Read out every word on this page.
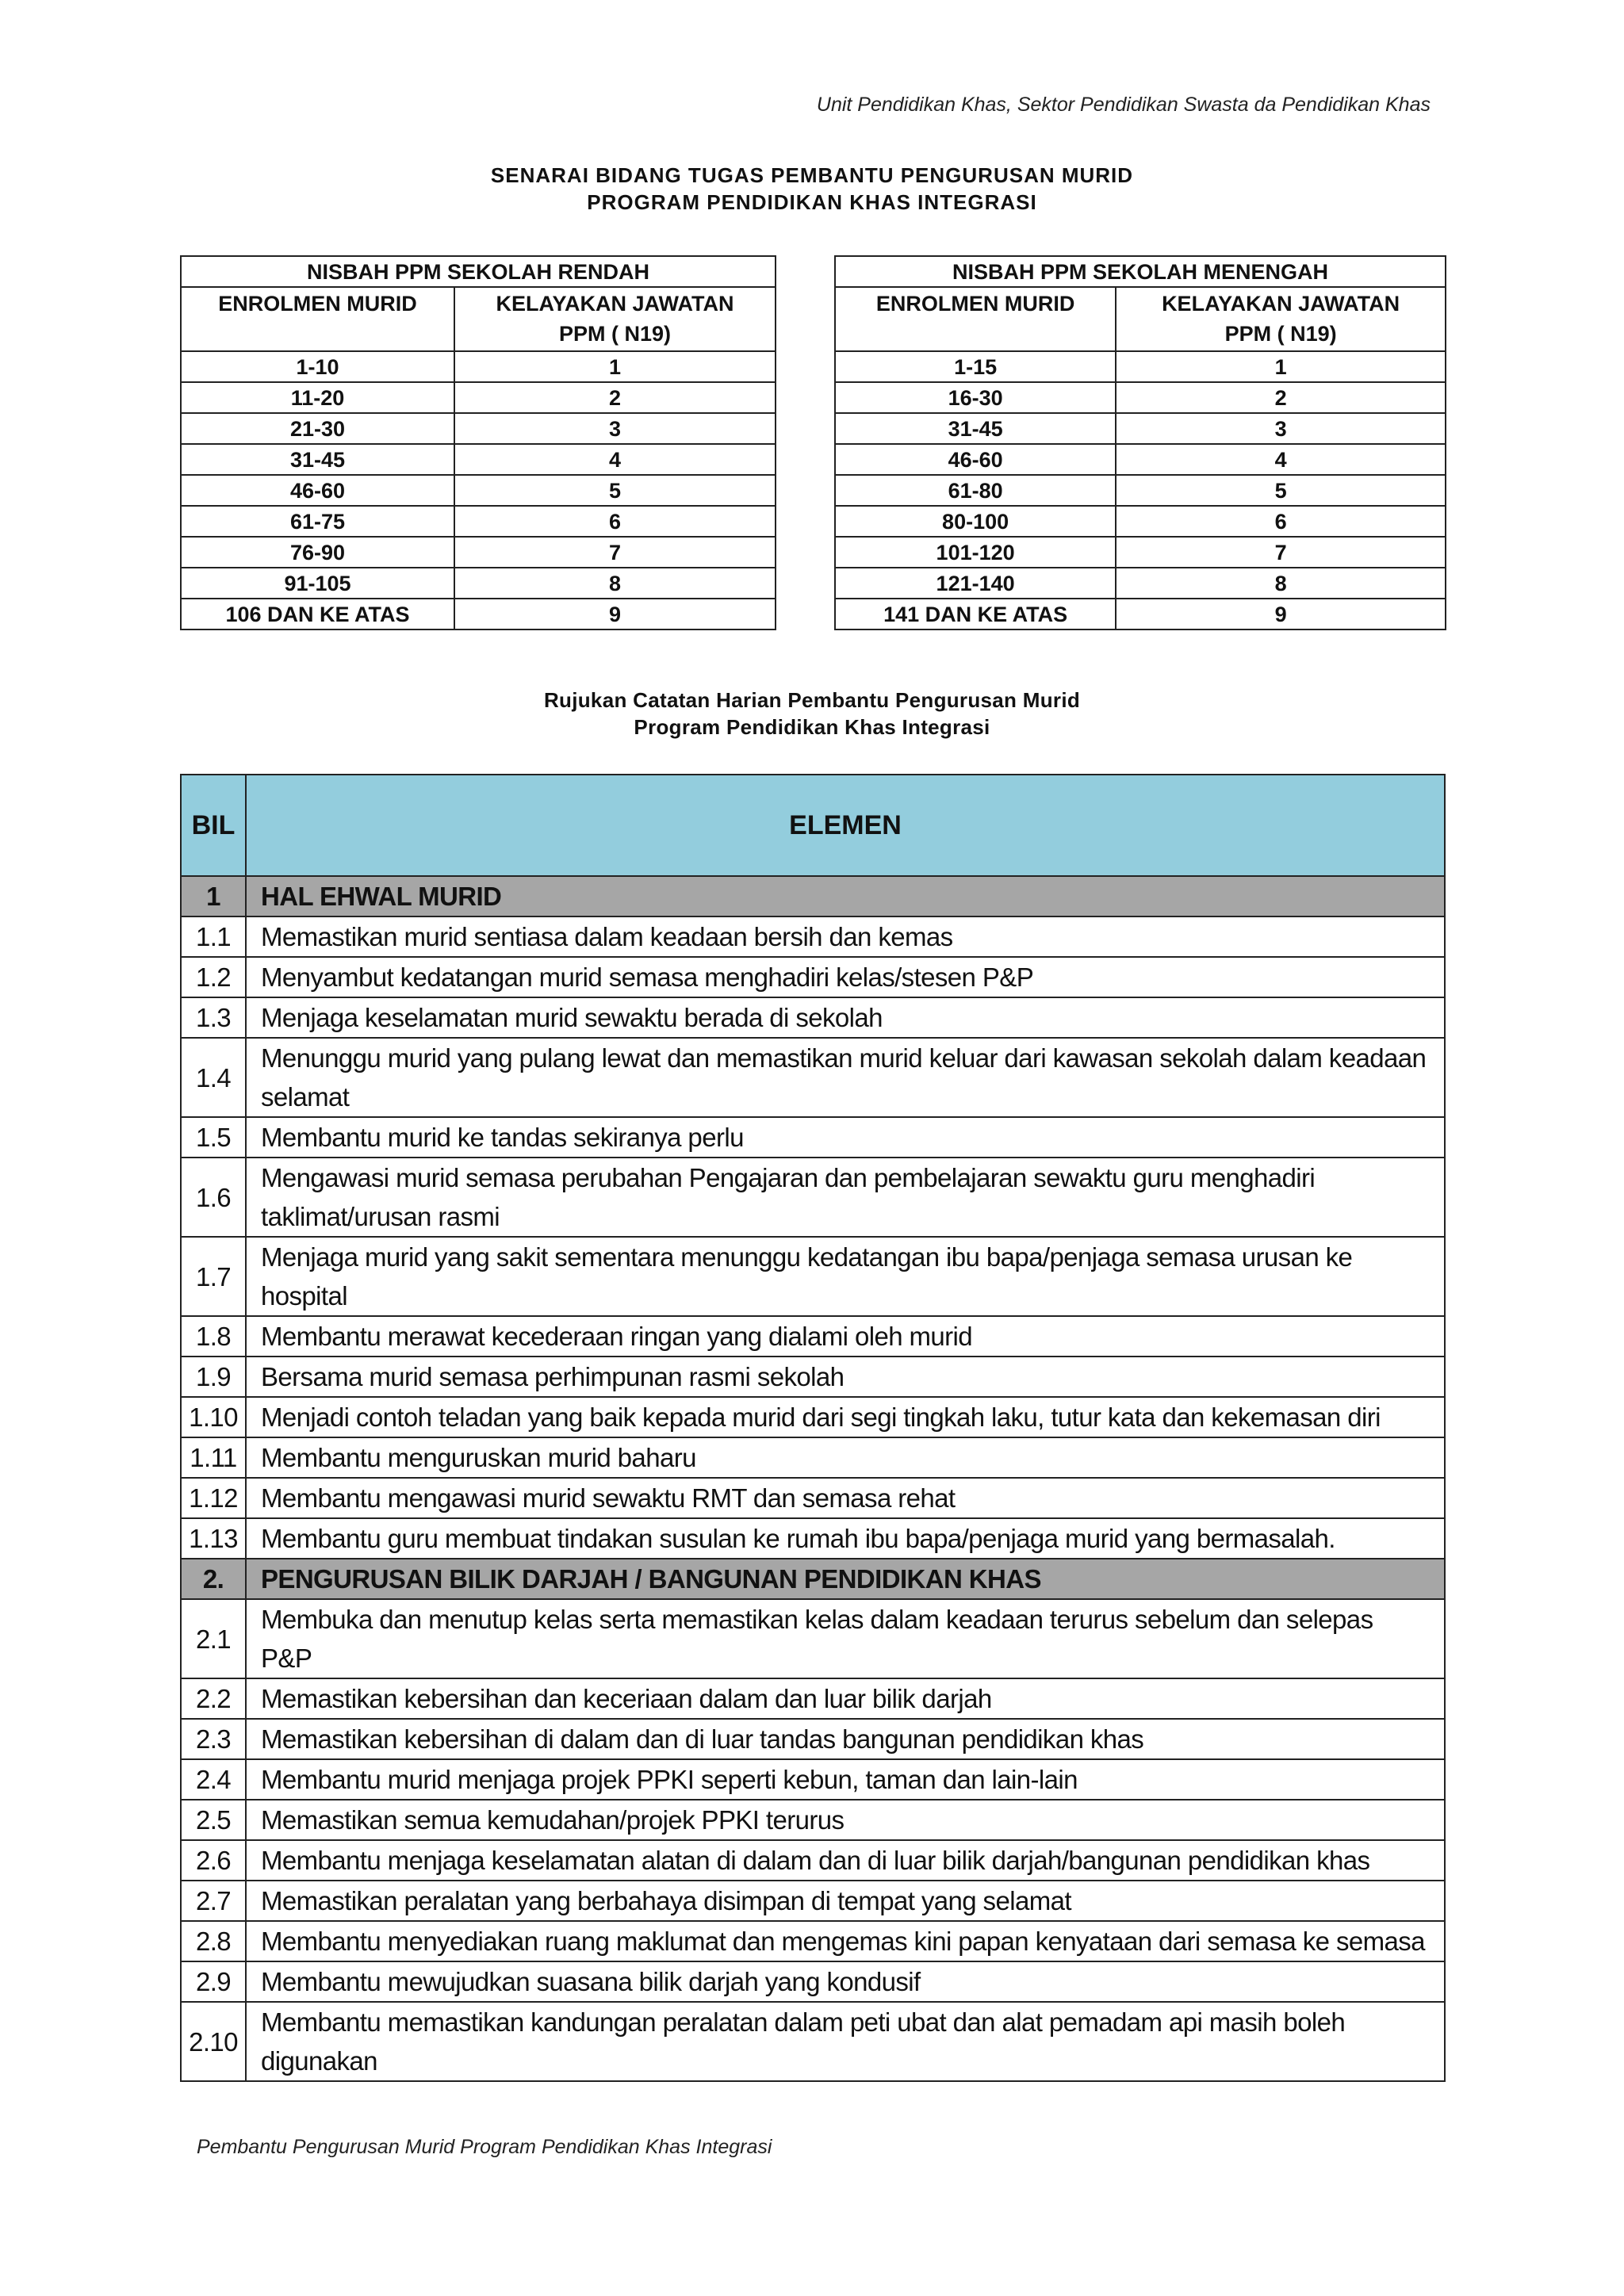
Unit Pendidikan Khas, Sektor Pendidikan Swasta da Pendidikan Khas
SENARAI BIDANG TUGAS PEMBANTU PENGURUSAN MURID
PROGRAM PENDIDIKAN KHAS INTEGRASI
NISBAH PPM SEKOLAH RENDAH	
ENROLMEN MURID	KELAYAKAN JAWATAN
PPM ( N19)
1-10	1
11-20	2
21-30	3
31-45	4
46-60	5
61-75	6
76-90	7
91-105	8
106 DAN KE ATAS	9
NISBAH PPM SEKOLAH MENENGAH	
ENROLMEN MURID	KELAYAKAN JAWATAN
PPM ( N19)
1-15	1
16-30	2
31-45	3
46-60	4
61-80	5
80-100	6
101-120	7
121-140	8
141 DAN KE ATAS	9
Rujukan Catatan Harian Pembantu Pengurusan Murid
Program Pendidikan Khas Integrasi
BIL	ELEMEN
1	HAL EHWAL MURID
1.1	Memastikan murid sentiasa dalam keadaan bersih dan kemas
1.2	Menyambut kedatangan murid semasa menghadiri kelas/stesen P&P
1.3	Menjaga keselamatan murid sewaktu berada di sekolah
1.4	Menunggu murid yang pulang lewat dan memastikan murid keluar dari kawasan sekolah dalam keadaan selamat
1.5	Membantu murid ke tandas sekiranya perlu
1.6	Mengawasi murid semasa perubahan Pengajaran dan pembelajaran sewaktu guru menghadiri taklimat/urusan rasmi
1.7	Menjaga murid yang sakit sementara menunggu kedatangan ibu bapa/penjaga semasa urusan ke hospital
1.8	Membantu merawat kecederaan ringan yang dialami oleh murid
1.9	Bersama murid semasa perhimpunan rasmi sekolah
1.10	Menjadi contoh teladan yang baik kepada murid dari segi tingkah laku, tutur kata dan kekemasan diri
1.11	Membantu menguruskan murid baharu
1.12	Membantu mengawasi murid sewaktu RMT dan semasa rehat
1.13	Membantu guru membuat tindakan susulan ke rumah ibu bapa/penjaga murid yang bermasalah.
2.	PENGURUSAN BILIK DARJAH / BANGUNAN PENDIDIKAN KHAS
2.1	Membuka dan menutup kelas serta memastikan kelas dalam keadaan terurus sebelum dan selepas P&P
2.2	Memastikan kebersihan dan keceriaan dalam dan luar bilik darjah
2.3	Memastikan kebersihan di dalam dan di luar tandas bangunan pendidikan khas
2.4	Membantu murid menjaga projek PPKI seperti kebun, taman dan lain-lain
2.5	Memastikan semua kemudahan/projek PPKI terurus
2.6	Membantu menjaga keselamatan alatan di dalam dan di luar bilik darjah/bangunan pendidikan khas
2.7	Memastikan peralatan yang berbahaya disimpan di tempat yang selamat
2.8	Membantu menyediakan ruang maklumat dan mengemas kini papan kenyataan dari semasa ke semasa
2.9	Membantu mewujudkan suasana bilik darjah yang kondusif
2.10	Membantu memastikan kandungan peralatan dalam peti ubat dan alat pemadam api masih boleh digunakan
Pembantu Pengurusan Murid Program Pendidikan Khas Integrasi
